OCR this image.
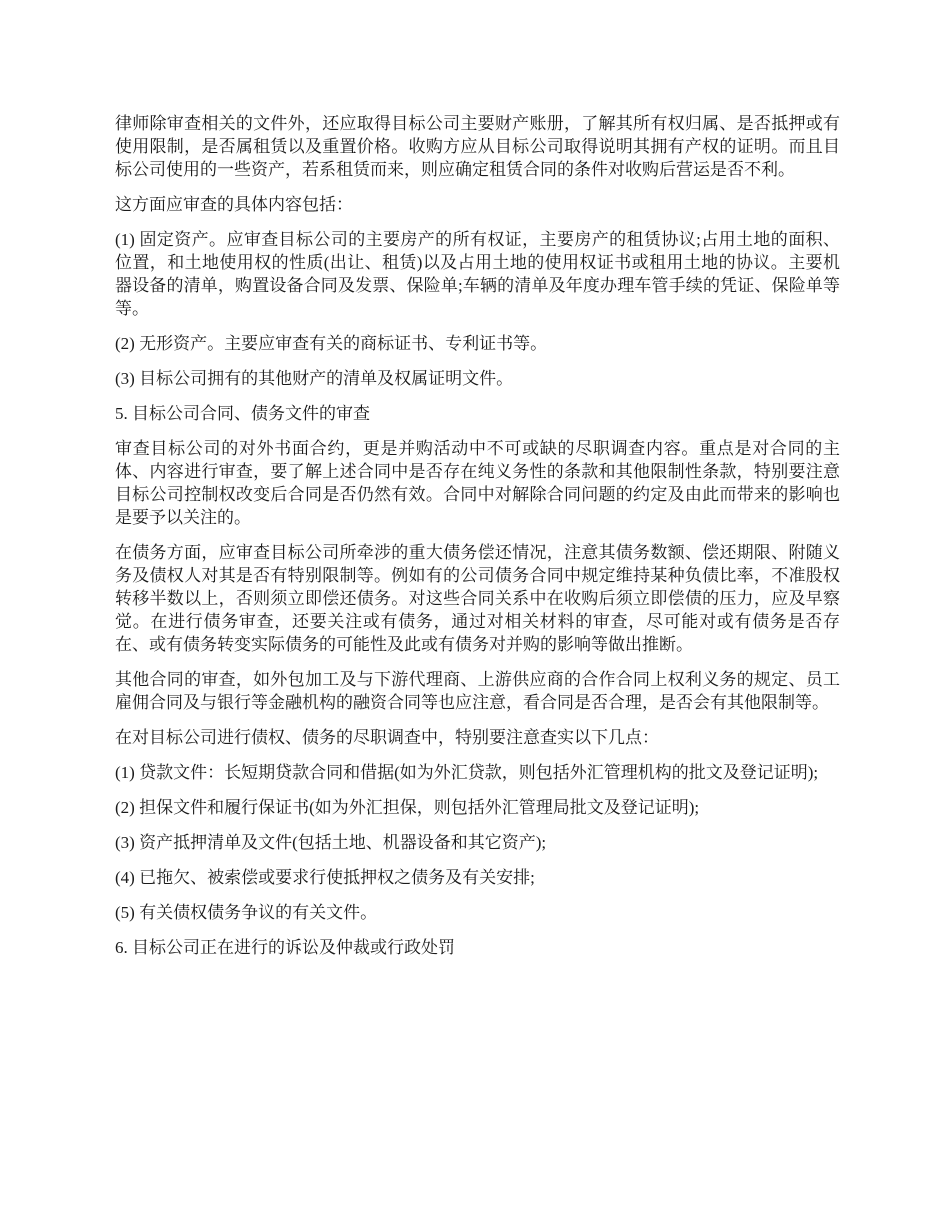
律师除审查相关的文件外，还应取得目标公司主要财产账册，了解其所有权归属、是否抵押或有使用限制，是否属租赁以及重置价格。收购方应从目标公司取得说明其拥有产权的证明。而且目标公司使用的一些资产，若系租赁而来，则应确定租赁合同的条件对收购后营运是否不利。

这方面应审查的具体内容包括：

(1) 固定资产。应审查目标公司的主要房产的所有权证，主要房产的租赁协议;占用土地的面积、位置，和土地使用权的性质(出让、租赁)以及占用土地的使用权证书或租用土地的协议。主要机器设备的清单，购置设备合同及发票、保险单;车辆的清单及年度办理车管手续的凭证、保险单等等。

(2) 无形资产。主要应审查有关的商标证书、专利证书等。

(3) 目标公司拥有的其他财产的清单及权属证明文件。

5. 目标公司合同、债务文件的审查

审查目标公司的对外书面合约，更是并购活动中不可或缺的尽职调查内容。重点是对合同的主体、内容进行审查，要了解上述合同中是否存在纯义务性的条款和其他限制性条款，特别要注意目标公司控制权改变后合同是否仍然有效。合同中对解除合同问题的约定及由此而带来的影响也是要予以关注的。

在债务方面，应审查目标公司所牵涉的重大债务偿还情况，注意其债务数额、偿还期限、附随义务及债权人对其是否有特别限制等。例如有的公司债务合同中规定维持某种负债比率，不准股权转移半数以上，否则须立即偿还债务。对这些合同关系中在收购后须立即偿债的压力，应及早察觉。在进行债务审查，还要关注或有债务，通过对相关材料的审查，尽可能对或有债务是否存在、或有债务转变实际债务的可能性及此或有债务对并购的影响等做出推断。

其他合同的审查，如外包加工及与下游代理商、上游供应商的合作合同上权利义务的规定、员工雇佣合同及与银行等金融机构的融资合同等也应注意，看合同是否合理，是否会有其他限制等。

在对目标公司进行债权、债务的尽职调查中，特别要注意查实以下几点：

(1) 贷款文件：长短期贷款合同和借据(如为外汇贷款，则包括外汇管理机构的批文及登记证明);

(2) 担保文件和履行保证书(如为外汇担保，则包括外汇管理局批文及登记证明);

(3) 资产抵押清单及文件(包括土地、机器设备和其它资产);

(4) 已拖欠、被索偿或要求行使抵押权之债务及有关安排;

(5) 有关债权债务争议的有关文件。

6. 目标公司正在进行的诉讼及仲裁或行政处罚
